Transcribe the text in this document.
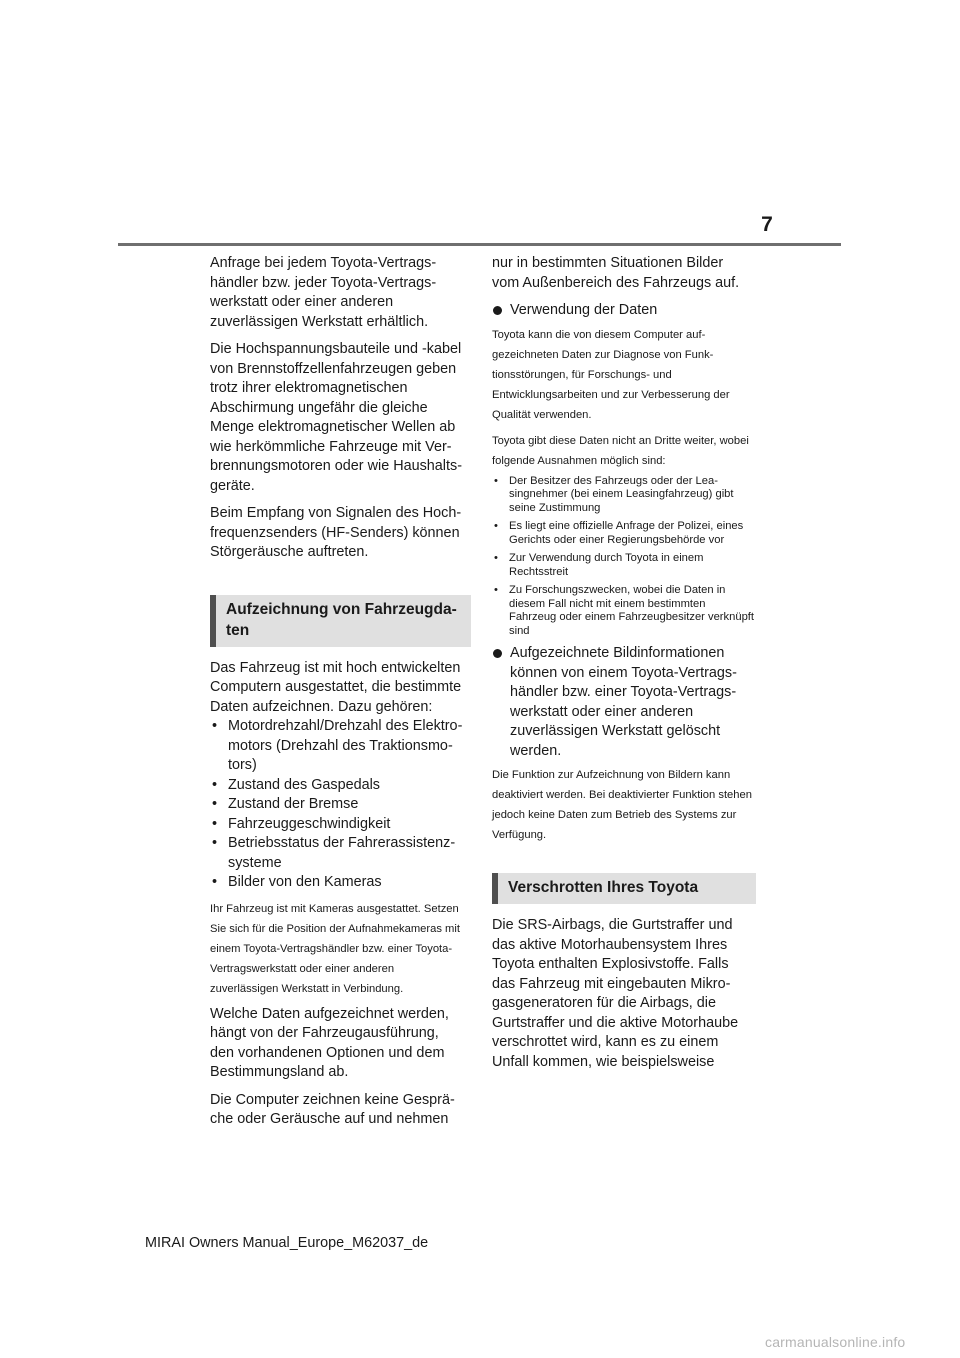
7

Anfrage bei jedem Toyota-Vertragshändler bzw. jeder Toyota-Vertragswerkstatt oder einer anderen zuverlässigen Werkstatt erhältlich.

Die Hochspannungsbauteile und -kabel von Brennstoffzellenfahrzeugen geben trotz ihrer elektromagnetischen Abschirmung ungefähr die gleiche Menge elektromagnetischer Wellen ab wie herkömmliche Fahrzeuge mit Verbrennungsmotoren oder wie Haushaltsgeräte.

Beim Empfang von Signalen des Hochfrequenzsenders (HF-Senders) können Störgeräusche auftreten.

Aufzeichnung von Fahrzeugdaten

Das Fahrzeug ist mit hoch entwickelten Computern ausgestattet, die bestimmte Daten aufzeichnen. Dazu gehören:

• Motordrehzahl/Drehzahl des Elektromotors (Drehzahl des Traktionsmotors)
• Zustand des Gaspedals
• Zustand der Bremse
• Fahrzeuggeschwindigkeit
• Betriebsstatus der Fahrerassistenzsysteme
• Bilder von den Kameras

Ihr Fahrzeug ist mit Kameras ausgestattet. Setzen Sie sich für die Position der Aufnahmekameras mit einem Toyota-Vertragshändler bzw. einer Toyota-Vertragswerkstatt oder einer anderen zuverlässigen Werkstatt in Verbindung.

Welche Daten aufgezeichnet werden, hängt von der Fahrzeugausführung, den vorhandenen Optionen und dem Bestimmungsland ab.

Die Computer zeichnen keine Gespräche oder Geräusche auf und nehmen

nur in bestimmten Situationen Bilder vom Außenbereich des Fahrzeugs auf.

Verwendung der Daten

Toyota kann die von diesem Computer aufgezeichneten Daten zur Diagnose von Funktionsstörungen, für Forschungs- und Entwicklungsarbeiten und zur Verbesserung der Qualität verwenden.

Toyota gibt diese Daten nicht an Dritte weiter, wobei folgende Ausnahmen möglich sind:

• Der Besitzer des Fahrzeugs oder der Leasingnehmer (bei einem Leasingfahrzeug) gibt seine Zustimmung
• Es liegt eine offizielle Anfrage der Polizei, eines Gerichts oder einer Regierungsbehörde vor
• Zur Verwendung durch Toyota in einem Rechtsstreit
• Zu Forschungszwecken, wobei die Daten in diesem Fall nicht mit einem bestimmten Fahrzeug oder einem Fahrzeugbesitzer verknüpft sind
Aufgezeichnete Bildinformationen können von einem Toyota-Vertragshändler bzw. einer Toyota-Vertragswerkstatt oder einer anderen zuverlässigen Werkstatt gelöscht werden.

Die Funktion zur Aufzeichnung von Bildern kann deaktiviert werden. Bei deaktivierter Funktion stehen jedoch keine Daten zum Betrieb des Systems zur Verfügung.

Verschrotten Ihres Toyota

Die SRS-Airbags, die Gurtstraffer und das aktive Motorhaubensystem Ihres Toyota enthalten Explosivstoffe. Falls das Fahrzeug mit eingebauten Mikrogasgeneratoren für die Airbags, die Gurtstraffer und die aktive Motorhaube verschrottet wird, kann es zu einem Unfall kommen, wie beispielsweise

MIRAI Owners Manual_Europe_M62037_de
carmanualsonline.info
